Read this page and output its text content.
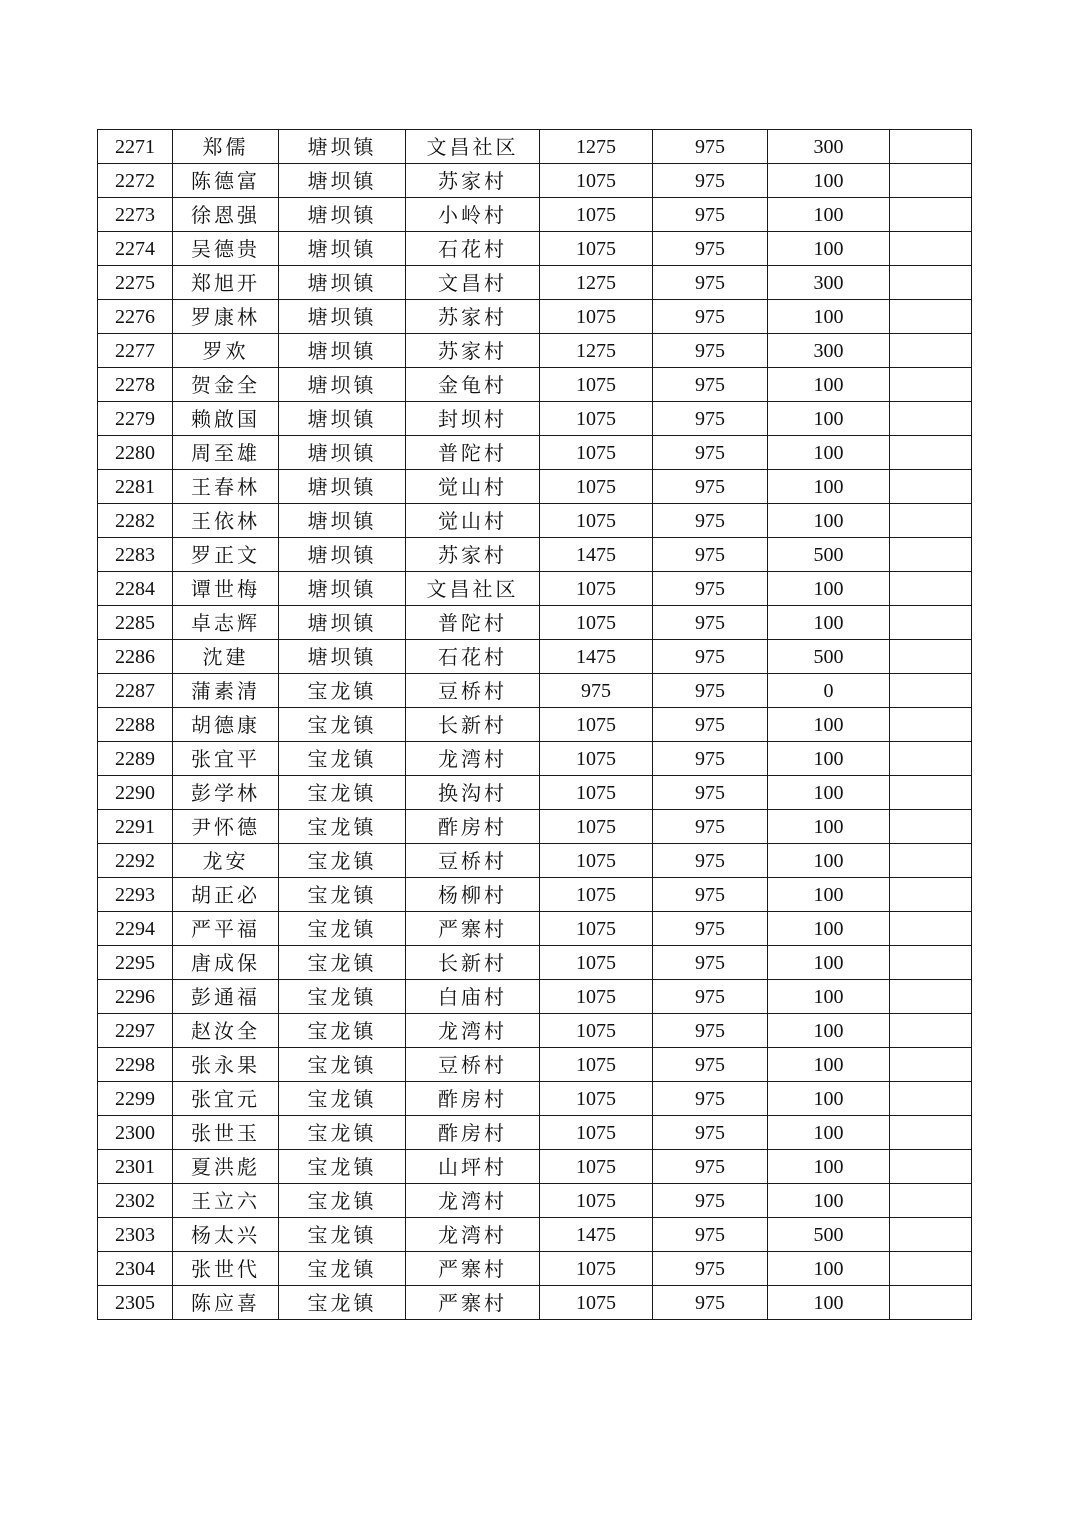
2271	郑儒	塘坝镇	文昌社区	1275	975	300	
2272	陈德富	塘坝镇	苏家村	1075	975	100	
2273	徐恩强	塘坝镇	小岭村	1075	975	100	
2274	吴德贵	塘坝镇	石花村	1075	975	100	
2275	郑旭开	塘坝镇	文昌村	1275	975	300	
2276	罗康林	塘坝镇	苏家村	1075	975	100	
2277	罗欢	塘坝镇	苏家村	1275	975	300	
2278	贺金全	塘坝镇	金龟村	1075	975	100	
2279	赖啟国	塘坝镇	封坝村	1075	975	100	
2280	周至雄	塘坝镇	普陀村	1075	975	100	
2281	王春林	塘坝镇	觉山村	1075	975	100	
2282	王依林	塘坝镇	觉山村	1075	975	100	
2283	罗正文	塘坝镇	苏家村	1475	975	500	
2284	谭世梅	塘坝镇	文昌社区	1075	975	100	
2285	卓志辉	塘坝镇	普陀村	1075	975	100	
2286	沈建	塘坝镇	石花村	1475	975	500	
2287	蒲素清	宝龙镇	豆桥村	975	975	0	
2288	胡德康	宝龙镇	长新村	1075	975	100	
2289	张宜平	宝龙镇	龙湾村	1075	975	100	
2290	彭学林	宝龙镇	换沟村	1075	975	100	
2291	尹怀德	宝龙镇	酢房村	1075	975	100	
2292	龙安	宝龙镇	豆桥村	1075	975	100	
2293	胡正必	宝龙镇	杨柳村	1075	975	100	
2294	严平福	宝龙镇	严寨村	1075	975	100	
2295	唐成保	宝龙镇	长新村	1075	975	100	
2296	彭通福	宝龙镇	白庙村	1075	975	100	
2297	赵汝全	宝龙镇	龙湾村	1075	975	100	
2298	张永果	宝龙镇	豆桥村	1075	975	100	
2299	张宜元	宝龙镇	酢房村	1075	975	100	
2300	张世玉	宝龙镇	酢房村	1075	975	100	
2301	夏洪彪	宝龙镇	山坪村	1075	975	100	
2302	王立六	宝龙镇	龙湾村	1075	975	100	
2303	杨太兴	宝龙镇	龙湾村	1475	975	500	
2304	张世代	宝龙镇	严寨村	1075	975	100	
2305	陈应喜	宝龙镇	严寨村	1075	975	100	
